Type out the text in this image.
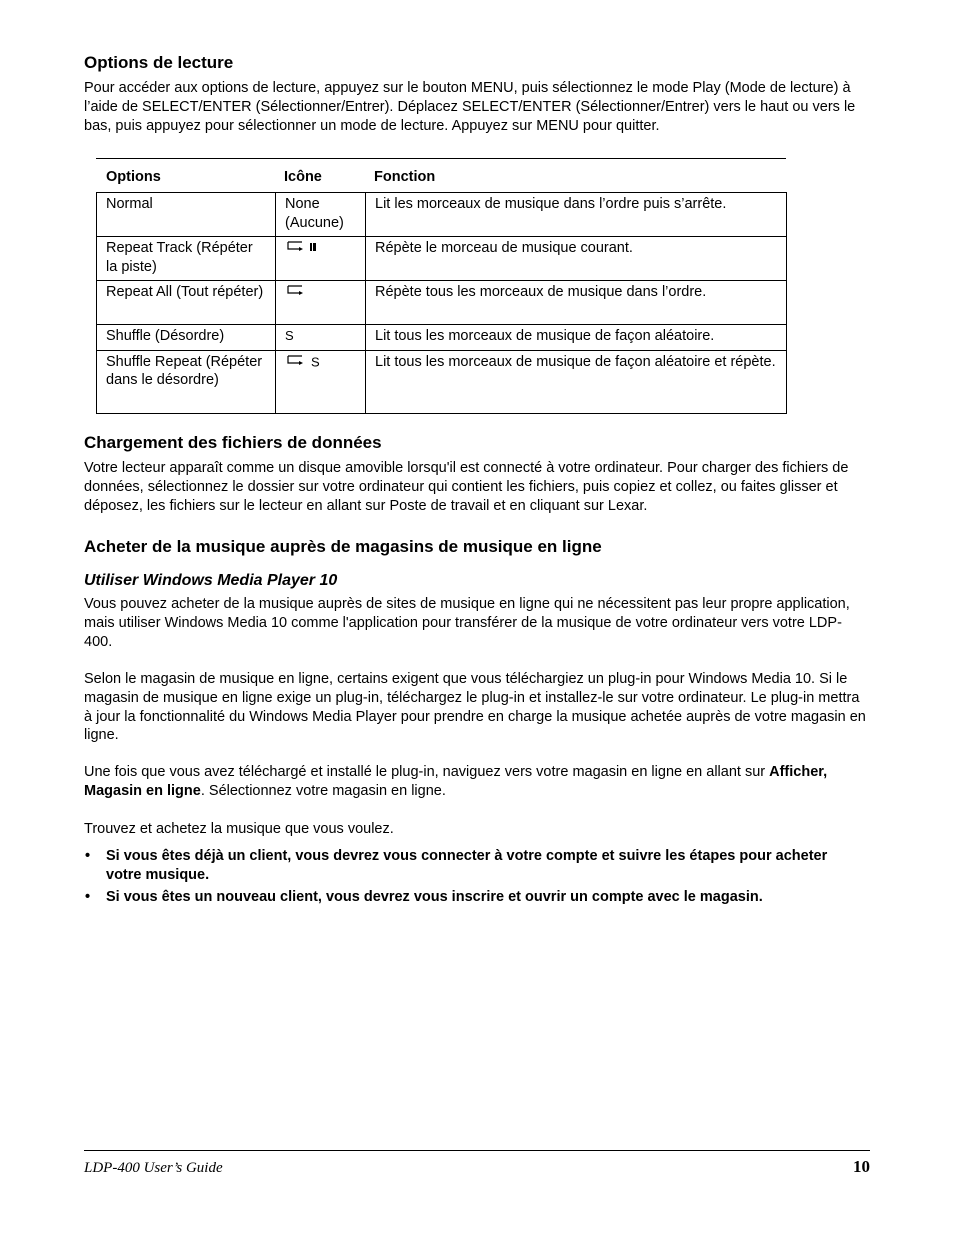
Options de lecture

Pour accéder aux options de lecture, appuyez sur le bouton MENU, puis sélectionnez le mode Play (Mode de lecture) à l’aide de SELECT/ENTER (Sélectionner/Entrer). Déplacez SELECT/ENTER (Sélectionner/Entrer) vers le haut ou vers le bas, puis appuyez pour sélectionner un mode de lecture. Appuyez sur MENU pour quitter.

Options	Icône	Fonction
Normal	None (Aucune)	Lit les morceaux de musique dans l’ordre puis s’arrête.
Repeat Track (Répéter la piste)		Répète le morceau de musique courant.
Repeat All (Tout répéter)		Répète tous les morceaux de musique dans l’ordre.
Shuffle (Désordre)	S	Lit tous les morceaux de musique de façon aléatoire.
Shuffle Repeat (Répéter dans le désordre)	S	Lit tous les morceaux de musique de façon aléatoire et répète.
Chargement des fichiers de données

Votre lecteur apparaît comme un disque amovible lorsqu'il est connecté à votre ordinateur. Pour charger des fichiers de données, sélectionnez le dossier sur votre ordinateur qui contient les fichiers, puis copiez et collez, ou faites glisser et déposez, les fichiers sur le lecteur en allant sur Poste de travail et en cliquant sur Lexar.

Acheter de la musique auprès de magasins de musique en ligne
Utiliser Windows Media Player 10

Vous pouvez acheter de la musique auprès de sites de musique en ligne qui ne nécessitent pas leur propre application, mais utiliser Windows Media 10 comme l'application pour transférer de la musique de votre ordinateur vers votre LDP-400.

Selon le magasin de musique en ligne, certains exigent que vous téléchargiez un plug-in pour Windows Media 10. Si le magasin de musique en ligne exige un plug-in, téléchargez le plug-in et installez-le sur votre ordinateur. Le plug-in mettra à jour la fonctionnalité du Windows Media Player pour prendre en charge la musique achetée auprès de votre magasin en ligne.

Une fois que vous avez téléchargé et installé le plug-in, naviguez vers votre magasin en ligne en allant sur Afficher, Magasin en ligne. Sélectionnez votre magasin en ligne.

Trouvez et achetez la musique que vous voulez.

• Si vous êtes déjà un client, vous devrez vous connecter à votre compte et suivre les étapes pour acheter votre musique.
• Si vous êtes un nouveau client, vous devrez vous inscrire et ouvrir un compte avec le magasin.
LDP-400 User’s Guide	10
